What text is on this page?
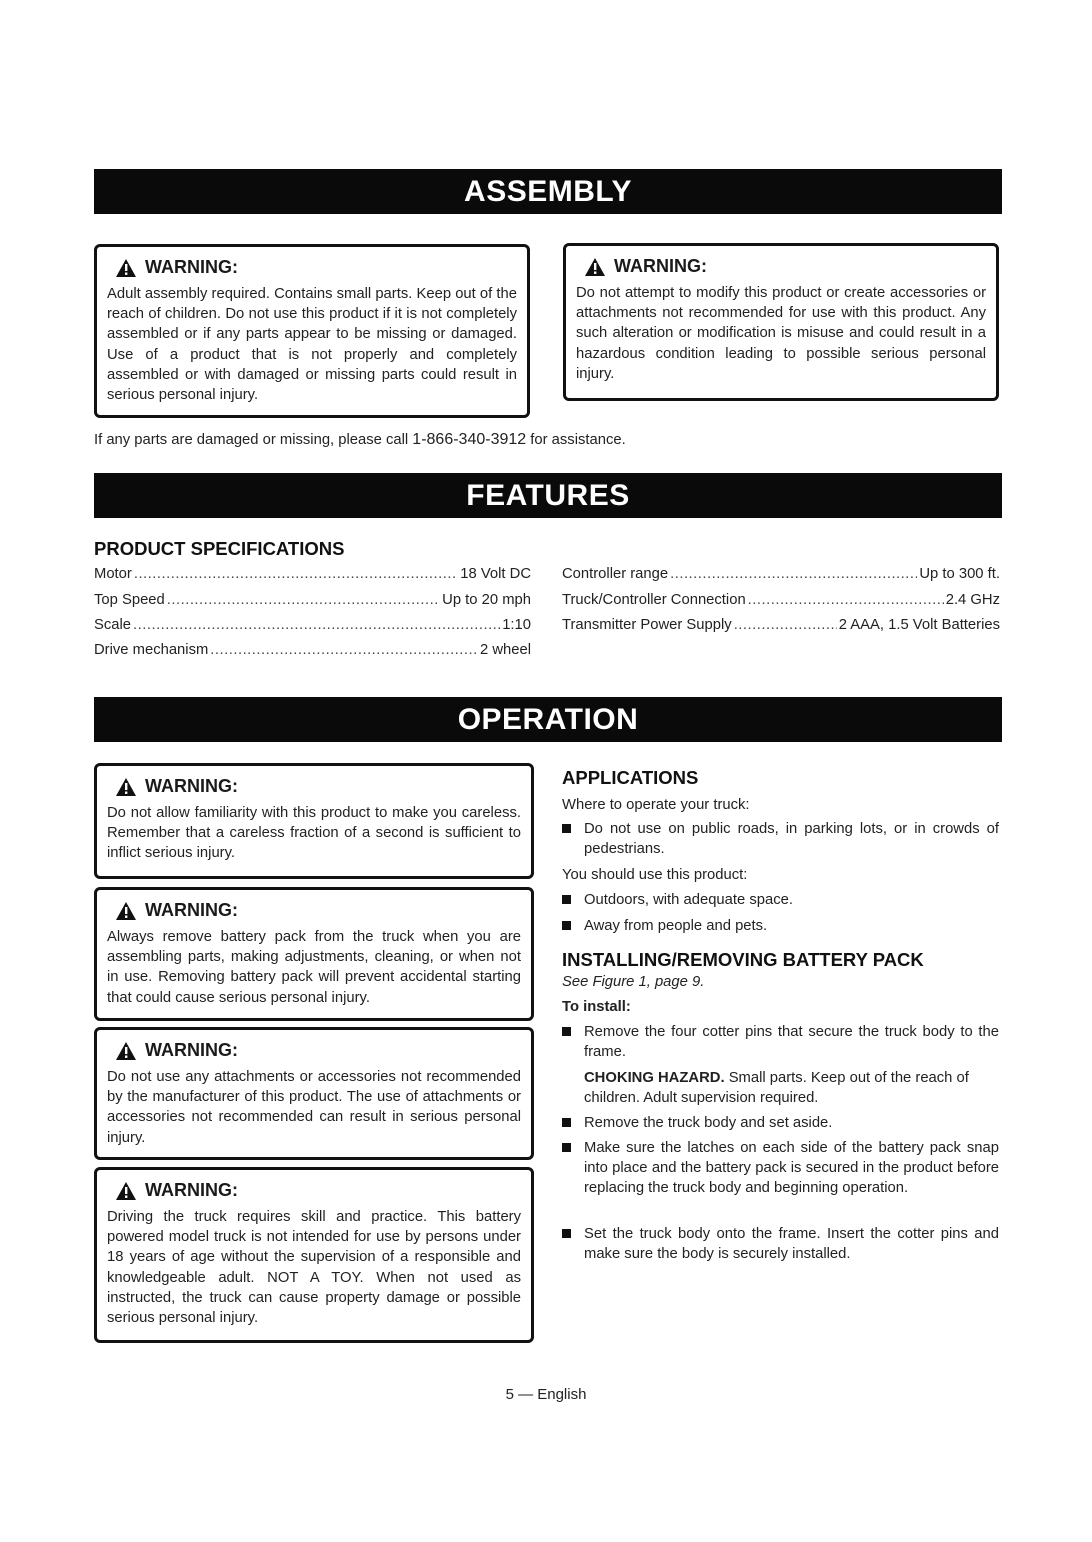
ASSEMBLY
WARNING:
Adult assembly required. Contains small parts. Keep out of the reach of children. Do not use this product if it is not completely assembled or if any parts appear to be missing or damaged. Use of a product that is not properly and completely assembled or with damaged or missing parts could result in serious personal injury.
WARNING:
Do not attempt to modify this product or create accessories or attachments not recommended for use with this product. Any such alteration or modification is misuse and could result in a hazardous condition leading to possible serious personal injury.
If any parts are damaged or missing, please call 1-866-340-3912 for assistance.
FEATURES
PRODUCT SPECIFICATIONS
Motor .....	18 Volt DC
Top Speed .....	Up to 20 mph
Scale .....	1:10
Drive mechanism .....	2 wheel
Controller range .....	Up to 300 ft.
Truck/Controller Connection .....	2.4 GHz
Transmitter Power Supply .....	2 AAA, 1.5 Volt Batteries
OPERATION
WARNING:
Do not allow familiarity with this product to make you careless. Remember that a careless fraction of a second is sufficient to inflict serious injury.
WARNING:
Always remove battery pack from the truck when you are assembling parts, making adjustments, cleaning, or when not in use. Removing battery pack will prevent accidental starting that could cause serious personal injury.
WARNING:
Do not use any attachments or accessories not recommended by the manufacturer of this product. The use of attachments or accessories not recommended can result in serious personal injury.
WARNING:
Driving the truck requires skill and practice. This battery powered model truck is not intended for use by persons under 18 years of age without the supervision of a responsible and knowledgeable adult. NOT A TOY. When not used as instructed, the truck can cause property damage or possible serious personal injury.
APPLICATIONS
Where to operate your truck:
Do not use on public roads, in parking lots, or in crowds of pedestrians.
You should use this product:
Outdoors, with adequate space.
Away from people and pets.
INSTALLING/REMOVING BATTERY PACK
See Figure 1, page 9.
To install:
Remove the four cotter pins that secure the truck body to the frame.
CHOKING HAZARD. Small parts. Keep out of the reach of children. Adult supervision required.
Remove the truck body and set aside.
Make sure the latches on each side of the battery pack snap into place and the battery pack is secured in the product before replacing the truck body and beginning operation.
Set the truck body onto the frame. Insert the cotter pins and make sure the body is securely installed.
5 — English
